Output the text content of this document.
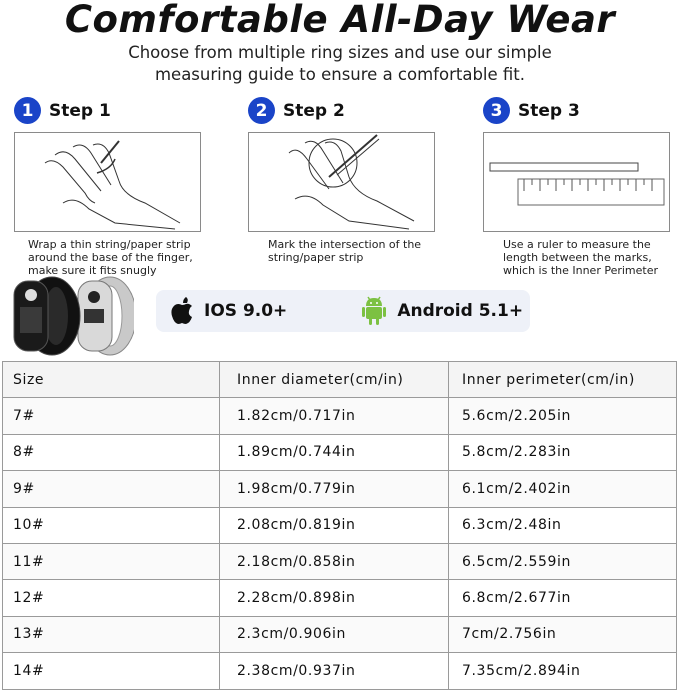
Comfortable All-Day Wear
Choose from multiple ring sizes and use our simple measuring guide to ensure a comfortable fit.
1 Step 1
Wrap a thin string/paper strip around the base of the finger, make sure it fits snugly
2 Step 2
Mark the intersection of the string/paper strip
3 Step 3
Use a ruler to measure the length between the marks, which is the Inner Perimeter
IOS 9.0+	Android 5.1+
Size	Inner diameter(cm/in)	Inner perimeter(cm/in)
7#	1.82cm/0.717in	5.6cm/2.205in
8#	1.89cm/0.744in	5.8cm/2.283in
9#	1.98cm/0.779in	6.1cm/2.402in
10#	2.08cm/0.819in	6.3cm/2.48in
11#	2.18cm/0.858in	6.5cm/2.559in
12#	2.28cm/0.898in	6.8cm/2.677in
13#	2.3cm/0.906in	7cm/2.756in
14#	2.38cm/0.937in	7.35cm/2.894in
